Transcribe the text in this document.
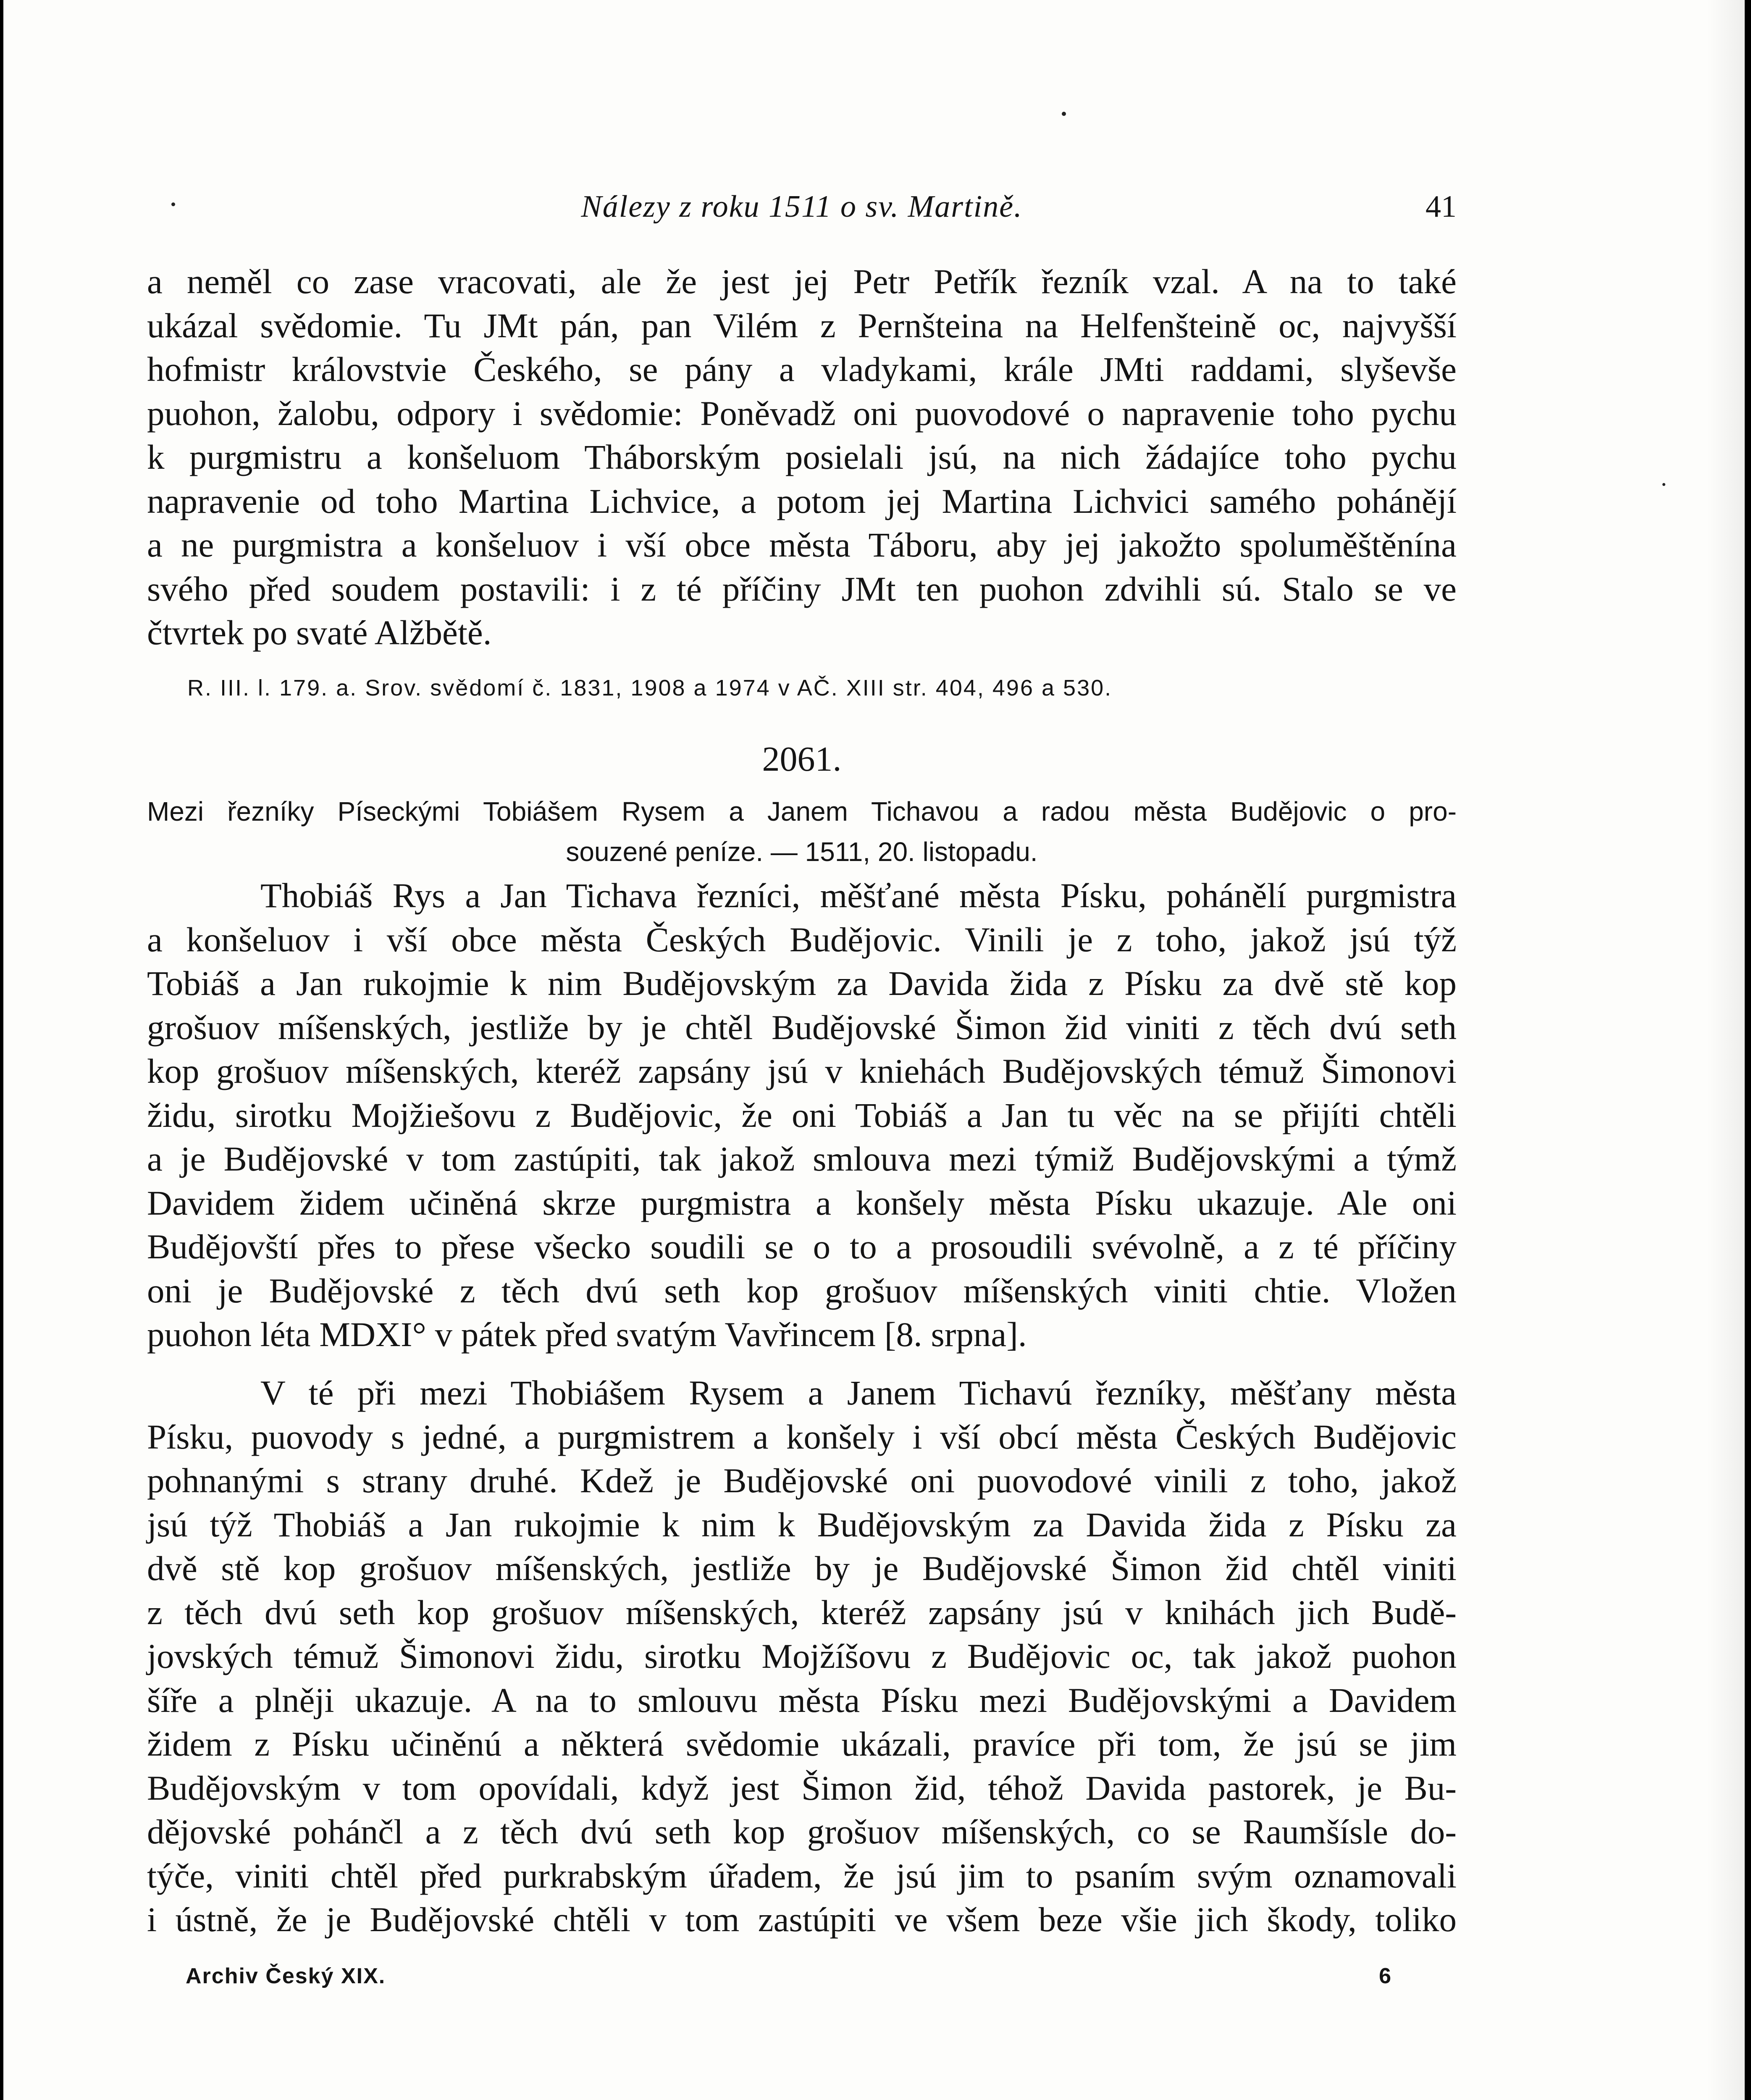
Nálezy z roku 1511 o sv. Martině.	41
a neměl co zase vracovati, ale že jest jej Petr Petřík řezník vzal. A na to také
ukázal svědomie. Tu JMt pán, pan Vilém z Pernšteina na Helfenšteině oc, najvyšší
hofmistr královstvie Českého, se pány a vladykami, krále JMti raddami, slyševše
puohon, žalobu, odpory i svědomie: Poněvadž oni puovodové o napravenie toho pychu
k purgmistru a konšeluom Tháborským posielali jsú, na nich žádajíce toho pychu
napravenie od toho Martina Lichvice, a potom jej Martina Lichvici samého pohánějí
a ne purgmistra a konšeluov i vší obce města Táboru, aby jej jakožto spoluměštěnína
svého před soudem postavili: i z té příčiny JMt ten puohon zdvihli sú. Stalo se ve
čtvrtek po svaté Alžbětě.
R. III. l. 179. a. Srov. svědomí č. 1831, 1908 a 1974 v AČ. XIII str. 404, 496 a 530.
2061.
Mezi řezníky Píseckými Tobiášem Rysem a Janem Tichavou a radou města Budějovic o pro-
souzené peníze. — 1511, 20. listopadu.
Thobiáš Rys a Jan Tichava řezníci, měšťané města Písku, pohánělí purgmistra
a konšeluov i vší obce města Českých Budějovic. Vinili je z toho, jakož jsú týž
Tobiáš a Jan rukojmie k nim Budějovským za Davida žida z Písku za dvě stě kop
grošuov míšenských, jestliže by je chtěl Budějovské Šimon žid viniti z těch dvú seth
kop grošuov míšenských, kteréž zapsány jsú v kniehách Budějovských témuž Šimonovi
židu, sirotku Mojžiešovu z Budějovic, že oni Tobiáš a Jan tu věc na se přijíti chtěli
a je Budějovské v tom zastúpiti, tak jakož smlouva mezi týmiž Budějovskými a týmž
Davidem židem učiněná skrze purgmistra a konšely města Písku ukazuje. Ale oni
Budějovští přes to přese všecko soudili se o to a prosoudili svévolně, a z té příčiny
oni je Budějovské z těch dvú seth kop grošuov míšenských viniti chtie. Vložen
puohon léta MDXI° v pátek před svatým Vavřincem [8. srpna].
V té při mezi Thobiášem Rysem a Janem Tichavú řezníky, měšťany města
Písku, puovody s jedné, a purgmistrem a konšely i vší obcí města Českých Budějovic
pohnanými s strany druhé. Kdež je Budějovské oni puovodové vinili z toho, jakož
jsú týž Thobiáš a Jan rukojmie k nim k Budějovským za Davida žida z Písku za
dvě stě kop grošuov míšenských, jestliže by je Budějovské Šimon žid chtěl viniti
z těch dvú seth kop grošuov míšenských, kteréž zapsány jsú v knihách jich Budě-
jovských témuž Šimonovi židu, sirotku Mojžíšovu z Budějovic oc, tak jakož puohon
šíře a plněji ukazuje. A na to smlouvu města Písku mezi Budějovskými a Davidem
židem z Písku učiněnú a některá svědomie ukázali, pravíce při tom, že jsú se jim
Budějovským v tom opovídali, když jest Šimon žid, téhož Davida pastorek, je Bu-
dějovské pohánčl a z těch dvú seth kop grošuov míšenských, co se Raumšísle do-
týče, viniti chtěl před purkrabským úřadem, že jsú jim to psaním svým oznamovali
i ústně, že je Budějovské chtěli v tom zastúpiti ve všem beze všie jich škody, toliko
Archiv Český XIX.	6
